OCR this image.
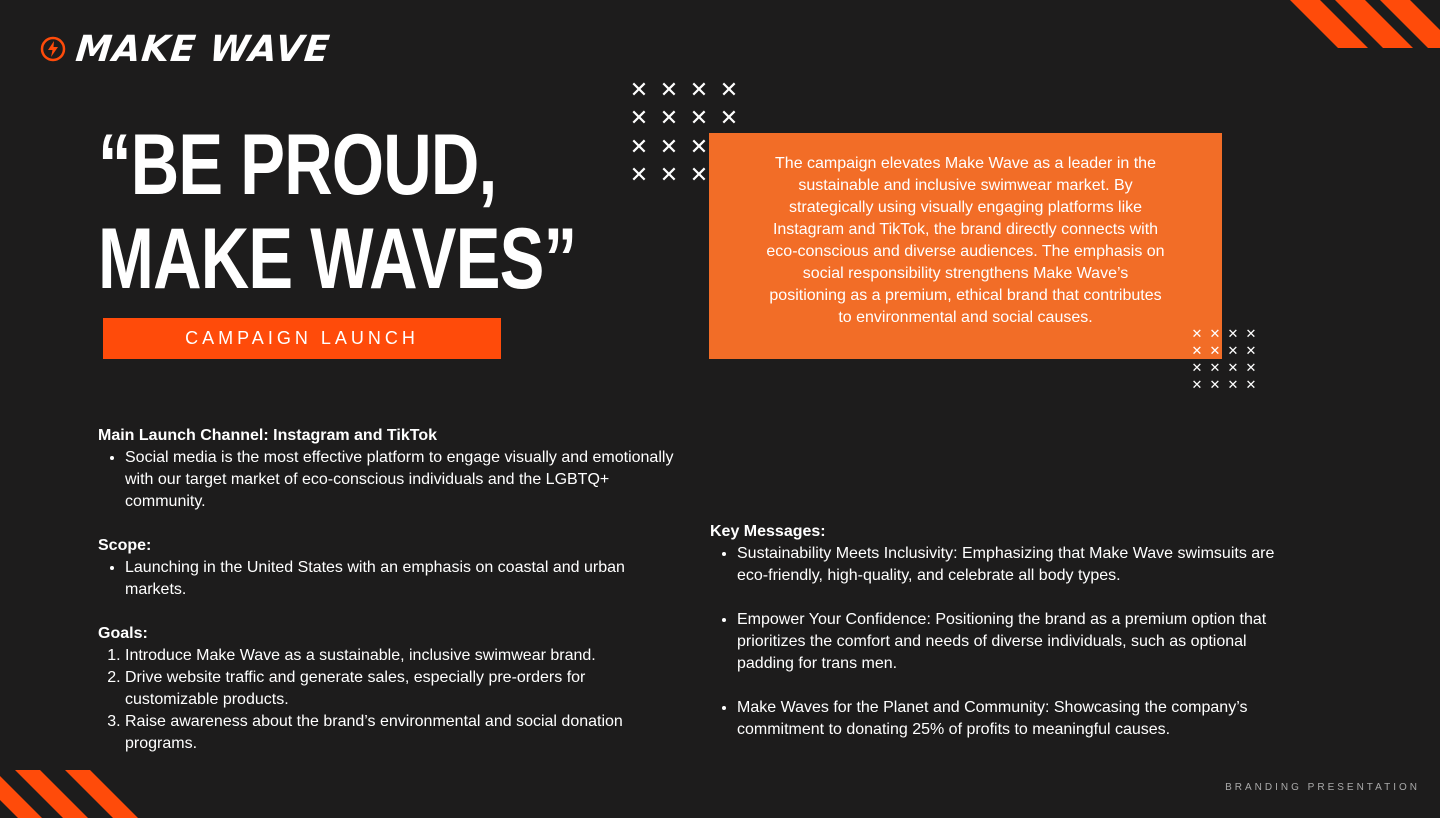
MAKE WAVE
“BE PROUD,
MAKE WAVES”
CAMPAIGN LAUNCH
✕ ✕ ✕ ✕
✕ ✕ ✕ ✕
✕ ✕ ✕
✕ ✕ ✕	The campaign elevates Make Wave as a leader in the sustainable and inclusive swimwear market. By strategically using visually engaging platforms like Instagram and TikTok, the brand directly connects with eco-conscious and diverse audiences. The emphasis on social responsibility strengthens Make Wave’s positioning as a premium, ethical brand that contributes to environmental and social causes.
✕ ✕ ✕ ✕
✕ ✕ ✕ ✕
✕ ✕ ✕ ✕
✕ ✕ ✕ ✕
Main Launch Channel: Instagram and TikTok
• Social media is the most effective platform to engage visually and emotionally with our target market of eco-conscious individuals and the LGBTQ+ community.
Scope:
• Launching in the United States with an emphasis on coastal and urban markets.
Goals:
1. Introduce Make Wave as a sustainable, inclusive swimwear brand.
2. Drive website traffic and generate sales, especially pre-orders for customizable products.
3. Raise awareness about the brand’s environmental and social donation programs.
Key Messages:
• Sustainability Meets Inclusivity: Emphasizing that Make Wave swimsuits are eco-friendly, high-quality, and celebrate all body types.
• Empower Your Confidence: Positioning the brand as a premium option that prioritizes the comfort and needs of diverse individuals, such as optional padding for trans men.
• Make Waves for the Planet and Community: Showcasing the company’s commitment to donating 25% of profits to meaningful causes.
BRANDING PRESENTATION
